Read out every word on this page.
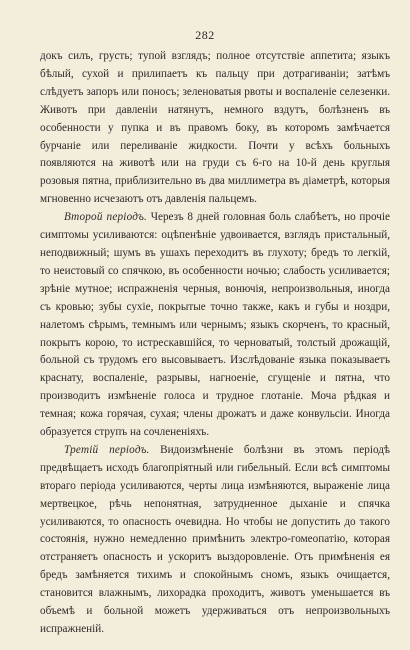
282

докъ силъ, грусть; тупой взглядъ; полное отсутствіе аппетита; языкъ бѣлый, сухой и прилипаетъ къ пальцу при дотрагиваніи; затѣмъ слѣдуетъ запоръ или поносъ; зеленоватыя рвоты и воспаленіе селезенки. Животъ при давленіи натянутъ, немного вздутъ, болѣзненъ въ особенности у пупка и въ правомъ боку, въ которомъ замѣчается бурчаніе или переливаніе жидкости. Почти у всѣхъ больныхъ появляются на животѣ или на груди съ 6-го на 10-й день круглыя розовыя пятна, приблизительно въ два миллиметра въ діаметрѣ, которыя мгновенно исчезаютъ отъ давленія пальцемъ.

Второй періодъ. Черезъ 8 дней головная боль слабѣетъ, но прочіе симптомы усиливаются: оцѣпенѣніе удвоивается, взглядъ пристальный, неподвижный; шумъ въ ушахъ переходитъ въ глухоту; бредъ то легкій, то неистовый со спячкою, въ особенности ночью; слабость усиливается; зрѣніе мутное; испражненія черныя, вонючія, непроизвольныя, иногда съ кровью; зубы сухіе, покрытые точно также, какъ и губы и ноздри, налетомъ сѣрымъ, темнымъ или чернымъ; языкъ скорченъ, то красный, покрытъ корою, то истрескавшійся, то черноватый, толстый дрожащій, больной съ трудомъ его высовываетъ. Изслѣдованіе языка показываетъ краснату, воспаленіе, разрывы, нагноеніе, сгущеніе и пятна, что производитъ измѣненіе голоса и трудное глотаніе. Моча рѣдкая и темная; кожа горячая, сухая; члены дрожатъ и даже конвульсіи. Иногда образуется струпъ на сочлененіяхъ.

Третій періодъ. Видоизмѣненіе болѣзни въ этомъ періодѣ предвѣщаетъ исходъ благопріятный или гибельный. Если всѣ симптомы втораго періода усиливаются, черты лица измѣняются, выраженіе лица мертвецкое, рѣчь непонятная, затрудненное дыханіе и спячка усиливаются, то опасность очевидна. Но чтобы не допустить до такого состоянія, нужно немедленно примѣнить электро-гомеопатію, которая отстраняетъ опасность и ускоритъ выздоровленіе. Отъ примѣненія ея бредъ замѣняется тихимъ и спокойнымъ сномъ, языкъ очищается, становится влажнымъ, лихорадка проходитъ, животъ уменьшается въ объемѣ и больной можетъ удерживаться отъ непроизвольныхъ испражненій.
